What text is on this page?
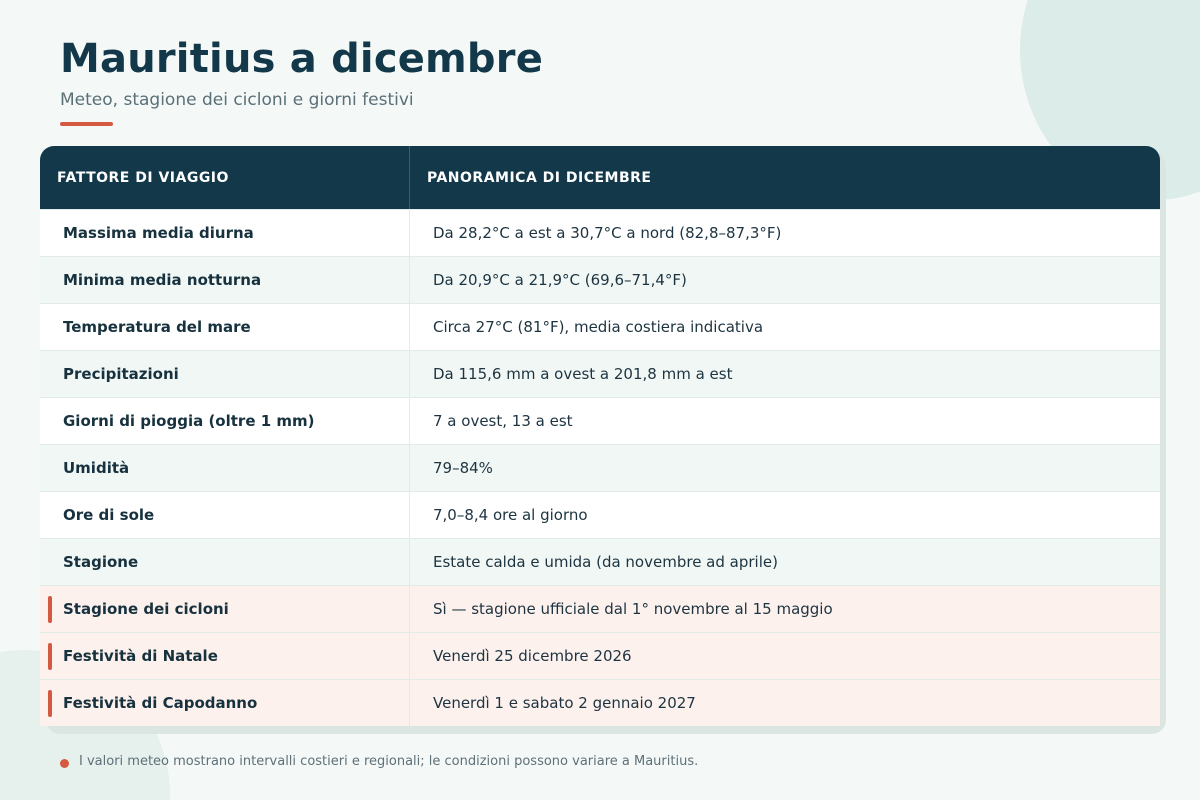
Mauritius a dicembre
Meteo, stagione dei cicloni e giorni festivi
FATTORE DI VIAGGIO	PANORAMICA DI DICEMBRE
Massima media diurna	Da 28,2°C a est a 30,7°C a nord (82,8–87,3°F)
Minima media notturna	Da 20,9°C a 21,9°C (69,6–71,4°F)
Temperatura del mare	Circa 27°C (81°F), media costiera indicativa
Precipitazioni	Da 115,6 mm a ovest a 201,8 mm a est
Giorni di pioggia (oltre 1 mm)	7 a ovest, 13 a est
Umidità	79–84%
Ore di sole	7,0–8,4 ore al giorno
Stagione	Estate calda e umida (da novembre ad aprile)
Stagione dei cicloni	Sì — stagione ufficiale dal 1° novembre al 15 maggio
Festività di Natale	Venerdì 25 dicembre 2026
Festività di Capodanno	Venerdì 1 e sabato 2 gennaio 2027
I valori meteo mostrano intervalli costieri e regionali; le condizioni possono variare a Mauritius.
